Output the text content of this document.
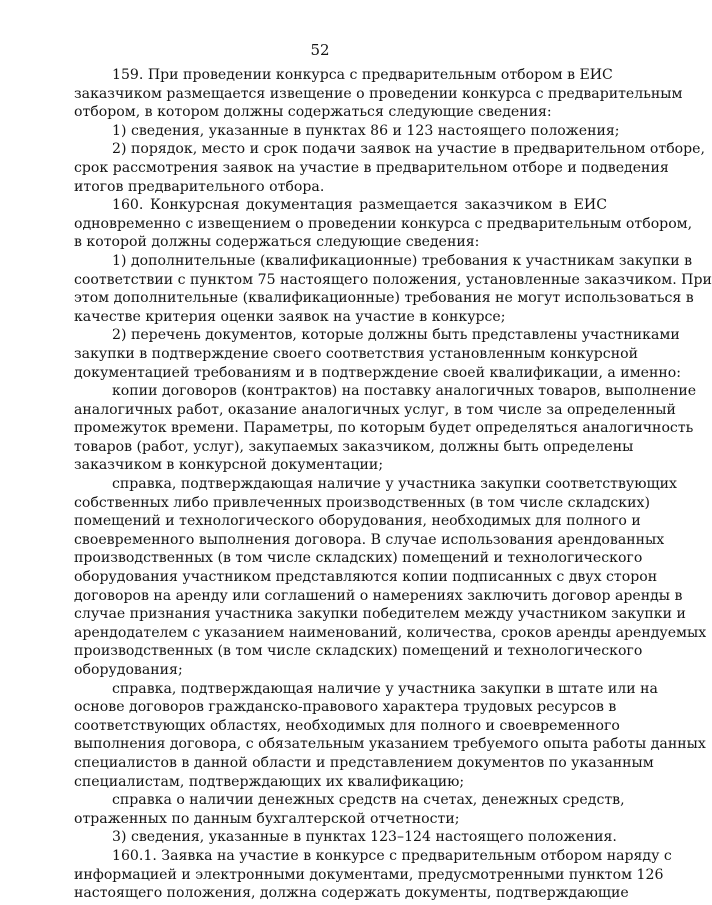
52
159. При проведении конкурса с предварительным отбором в ЕИС
заказчиком размещается извещение о проведении конкурса с предварительным
отбором, в котором должны содержаться следующие сведения:
1) сведения, указанные в пунктах 86 и 123 настоящего положения;
2) порядок, место и срок подачи заявок на участие в предварительном отборе,
срок рассмотрения заявок на участие в предварительном отборе и подведения
итогов предварительного отбора.
160. Конкурсная документация размещается заказчиком в ЕИС
одновременно с извещением о проведении конкурса с предварительным отбором,
в которой должны содержаться следующие сведения:
1) дополнительные (квалификационные) требования к участникам закупки в
соответствии с пунктом 75 настоящего положения, установленные заказчиком. При
этом дополнительные (квалификационные) требования не могут использоваться в
качестве критерия оценки заявок на участие в конкурсе;
2) перечень документов, которые должны быть представлены участниками
закупки в подтверждение своего соответствия установленным конкурсной
документацией требованиям и в подтверждение своей квалификации, а именно:
копии договоров (контрактов) на поставку аналогичных товаров, выполнение
аналогичных работ, оказание аналогичных услуг, в том числе за определенный
промежуток времени. Параметры, по которым будет определяться аналогичность
товаров (работ, услуг), закупаемых заказчиком, должны быть определены
заказчиком в конкурсной документации;
справка, подтверждающая наличие у участника закупки соответствующих
собственных либо привлеченных производственных (в том числе складских)
помещений и технологического оборудования, необходимых для полного и
своевременного выполнения договора. В случае использования арендованных
производственных (в том числе складских) помещений и технологического
оборудования участником представляются копии подписанных с двух сторон
договоров на аренду или соглашений о намерениях заключить договор аренды в
случае признания участника закупки победителем между участником закупки и
арендодателем с указанием наименований, количества, сроков аренды арендуемых
производственных (в том числе складских) помещений и технологического
оборудования;
справка, подтверждающая наличие у участника закупки в штате или на
основе договоров гражданско-правового характера трудовых ресурсов в
соответствующих областях, необходимых для полного и своевременного
выполнения договора, с обязательным указанием требуемого опыта работы данных
специалистов в данной области и представлением документов по указанным
специалистам, подтверждающих их квалификацию;
справка о наличии денежных средств на счетах, денежных средств,
отраженных по данным бухгалтерской отчетности;
3) сведения, указанные в пунктах 123–124 настоящего положения.
160.1. Заявка на участие в конкурсе с предварительным отбором наряду с
информацией и электронными документами, предусмотренными пунктом 126
настоящего положения, должна содержать документы, подтверждающие
